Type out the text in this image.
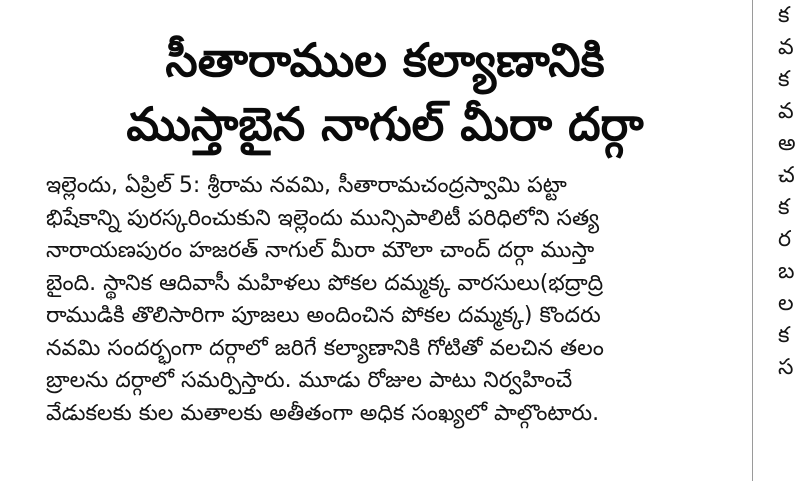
సీతారాముల కల్యాణానికి
ముస్తాబైన నాగుల్ మీరా దర్గా
ఇల్లెందు, ఏప్రిల్ 5: శ్రీరామ నవమి, సీతారామచంద్రస్వామి పట్టా
భిషేకాన్ని పురస్కరించుకుని ఇల్లెందు మున్సిపాలిటీ పరిధిలోని సత్య
నారాయణపురం హజరత్ నాగుల్ మీరా మౌలా చాంద్ దర్గా ముస్తా
బైంది. స్థానిక ఆదివాసీ మహిళలు పోకల దమ్మక్క వారసులు(భద్రాద్రి
రాముడికి తొలిసారిగా పూజలు అందించిన పోకల దమ్మక్క) కొందరు
నవమి సందర్భంగా దర్గాలో జరిగే కల్యాణానికి గోటితో వలచిన తలం
బ్రాలను దర్గాలో సమర్పిస్తారు. మూడు రోజుల పాటు నిర్వహించే
వేడుకలకు కుల మతాలకు అతీతంగా అధిక సంఖ్యలో పాల్గొంటారు.
క
వ
క
వ
అ
చ
క
ర
బ
ల
క
స
